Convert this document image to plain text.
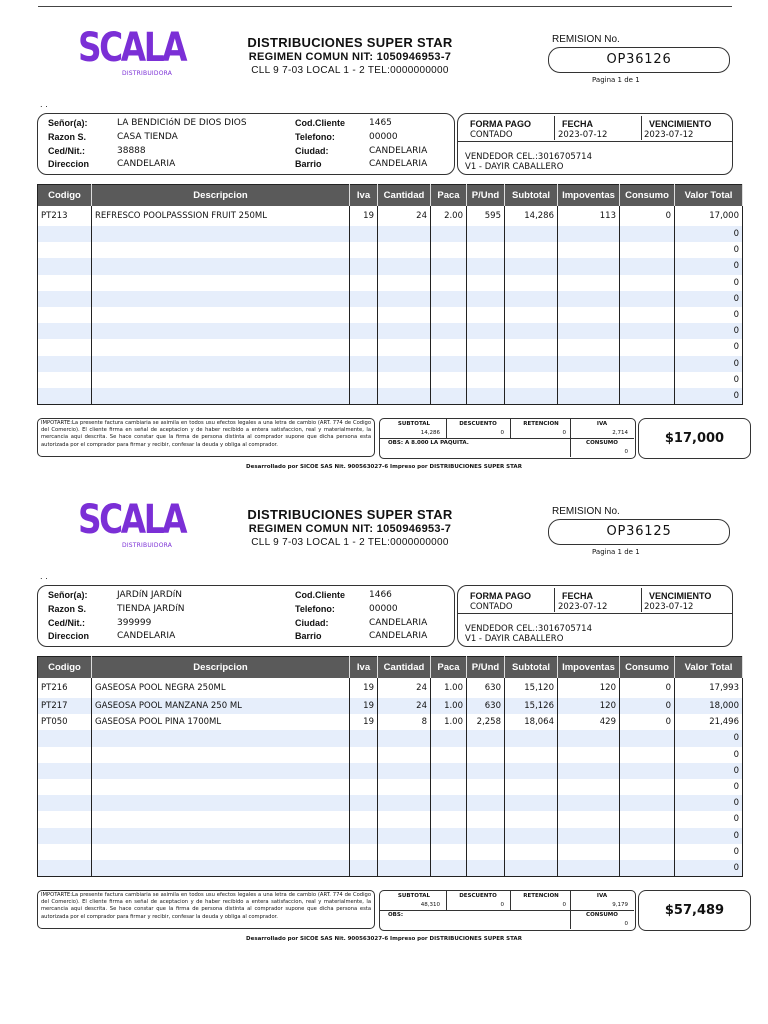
SCALA
DISTRIBUIDORA
DISTRIBUCIONES SUPER STAR
REGIMEN COMUN NIT: 1050946953-7
CLL 9 7-03 LOCAL 1 - 2 TEL:0000000000
REMISION No.
OP36126
Pagina 1 de 1
. .
Señor(a):	LA BENDICIóN DE DIOS DIOS
Razon S.	CASA TIENDA
Ced/Nit.:	38888
Direccion	CANDELARIA
Cod.Cliente	1465
Telefono:	00000
Ciudad:	CANDELARIA
Barrio	CANDELARIA
FORMA PAGO
CONTADO
FECHA
2023-07-12
VENCIMIENTO
2023-07-12
VENDEDOR CEL.:3016705714
V1 - DAYIR CABALLERO
Codigo	Descripcion	Iva	Cantidad	Paca	P/Und	Subtotal	Impoventas	Consumo	Valor Total
PT213	REFRESCO POOLPASSSION FRUIT 250ML	19	24	2.00	595	14,286	113	0	17,000
									0
									0
									0
									0
									0
									0
									0
									0
									0
									0
									0
IMPOTARTE:La presente factura cambiaria se asimila en todos usu efectos legales a una letra de cambio (ART. 774 de Codigo del Comercio). El cliente firma en señal de aceptacion y de haber recibido a entera satisfaccion, real y materialmente, la mercancia aqui descrita. Se hace constar que la firma de persona distinta al comprador supone que dicha persona esta autorizada por el comprador para firmar y recibir, confesar la deuda y obliga al comprador.
SUBTOTAL
14,286
DESCUENTO
0
RETENCION
0
IVA
2,714
OBS: A 8.000 LA PAQUITA.	CONSUMO
0
$17,000
Desarrollado por SICOE SAS Nit. 900563027-6 Impreso por DISTRIBUCIONES SUPER STAR
SCALA
DISTRIBUIDORA
DISTRIBUCIONES SUPER STAR
REGIMEN COMUN NIT: 1050946953-7
CLL 9 7-03 LOCAL 1 - 2 TEL:0000000000
REMISION No.
OP36125
Pagina 1 de 1
. .
Señor(a):	JARDíN JARDíN
Razon S.	TIENDA JARDíN
Ced/Nit.:	399999
Direccion	CANDELARIA
Cod.Cliente	1466
Telefono:	00000
Ciudad:	CANDELARIA
Barrio	CANDELARIA
FORMA PAGO
CONTADO
FECHA
2023-07-12
VENCIMIENTO
2023-07-12
VENDEDOR CEL.:3016705714
V1 - DAYIR CABALLERO
Codigo	Descripcion	Iva	Cantidad	Paca	P/Und	Subtotal	Impoventas	Consumo	Valor Total
PT216	GASEOSA POOL NEGRA 250ML	19	24	1.00	630	15,120	120	0	17,993
PT217	GASEOSA POOL MANZANA 250 ML	19	24	1.00	630	15,126	120	0	18,000
PT050	GASEOSA POOL PINA 1700ML	19	8	1.00	2,258	18,064	429	0	21,496
									0
									0
									0
									0
									0
									0
									0
									0
									0
IMPOTARTE:La presente factura cambiaria se asimila en todos usu efectos legales a una letra de cambio (ART. 774 de Codigo del Comercio). El cliente firma en señal de aceptacion y de haber recibido a entera satisfaccion, real y materialmente, la mercancia aqui descrita. Se hace constar que la firma de persona distinta al comprador supone que dicha persona esta autorizada por el comprador para firmar y recibir, confesar la deuda y obliga al comprador.
SUBTOTAL
48,310
DESCUENTO
0
RETENCION
0
IVA
9,179
OBS:	CONSUMO
0
$57,489
Desarrollado por SICOE SAS Nit. 900563027-6 Impreso por DISTRIBUCIONES SUPER STAR
